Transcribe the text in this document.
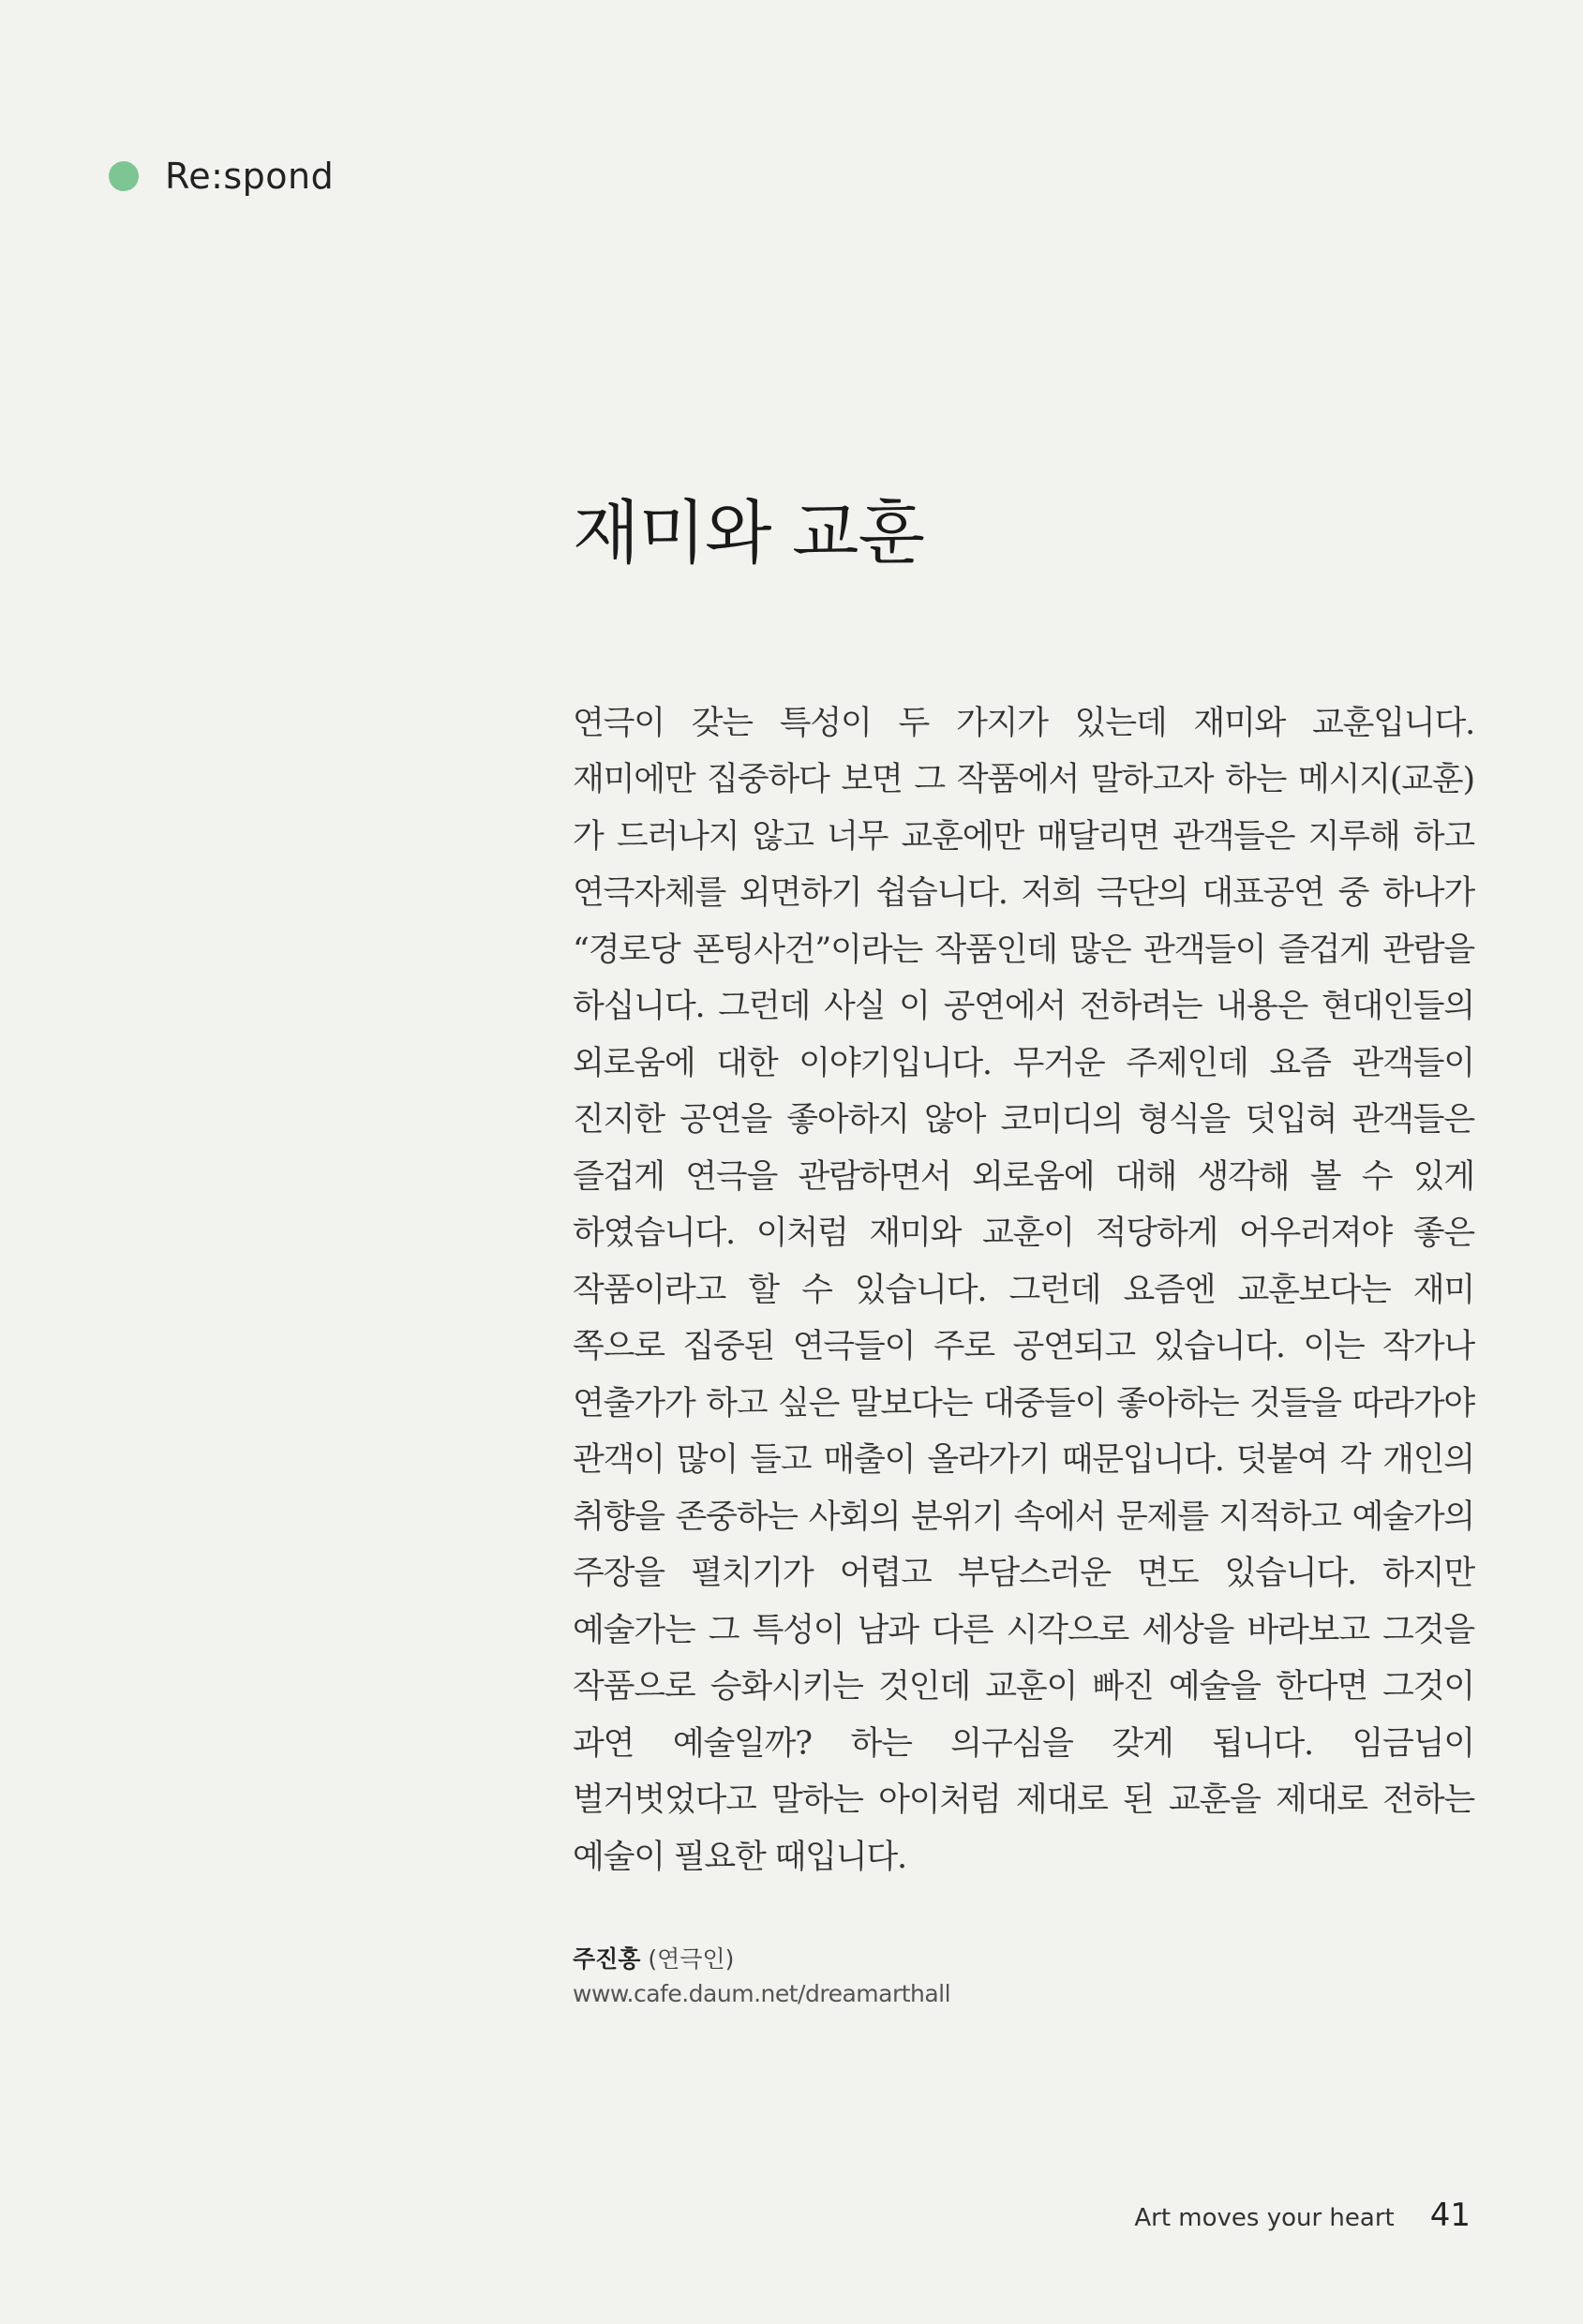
Re:spond
재미와 교훈

연극이 갖는 특성이 두 가지가 있는데 재미와 교훈입니다. 재미에만 집중하다 보면 그 작품에서 말하고자 하는 메시지(교훈)가 드러나지 않고 너무 교훈에만 매달리면 관객들은 지루해 하고 연극자체를 외면하기 쉽습니다. 저희 극단의 대표공연 중 하나가 “경로당 폰팅사건”이라는 작품인데 많은 관객들이 즐겁게 관람을 하십니다. 그런데 사실 이 공연에서 전하려는 내용은 현대인들의 외로움에 대한 이야기입니다. 무거운 주제인데 요즘 관객들이 진지한 공연을 좋아하지 않아 코미디의 형식을 덧입혀 관객들은 즐겁게 연극을 관람하면서 외로움에 대해 생각해 볼 수 있게 하였습니다. 이처럼 재미와 교훈이 적당하게 어우러져야 좋은 작품이라고 할 수 있습니다. 그런데 요즘엔 교훈보다는 재미 쪽으로 집중된 연극들이 주로 공연되고 있습니다. 이는 작가나 연출가가 하고 싶은 말보다는 대중들이 좋아하는 것들을 따라가야 관객이 많이 들고 매출이 올라가기 때문입니다. 덧붙여 각 개인의 취향을 존중하는 사회의 분위기 속에서 문제를 지적하고 예술가의 주장을 펼치기가 어렵고 부담스러운 면도 있습니다. 하지만 예술가는 그 특성이 남과 다른 시각으로 세상을 바라보고 그것을 작품으로 승화시키는 것인데 교훈이 빠진 예술을 한다면 그것이 과연 예술일까? 하는 의구심을 갖게 됩니다. 임금님이 벌거벗었다고 말하는 아이처럼 제대로 된 교훈을 제대로 전하는 예술이 필요한 때입니다.

주진홍 (연극인)
www.cafe.daum.net/dreamarthall
Art moves your heart 41
